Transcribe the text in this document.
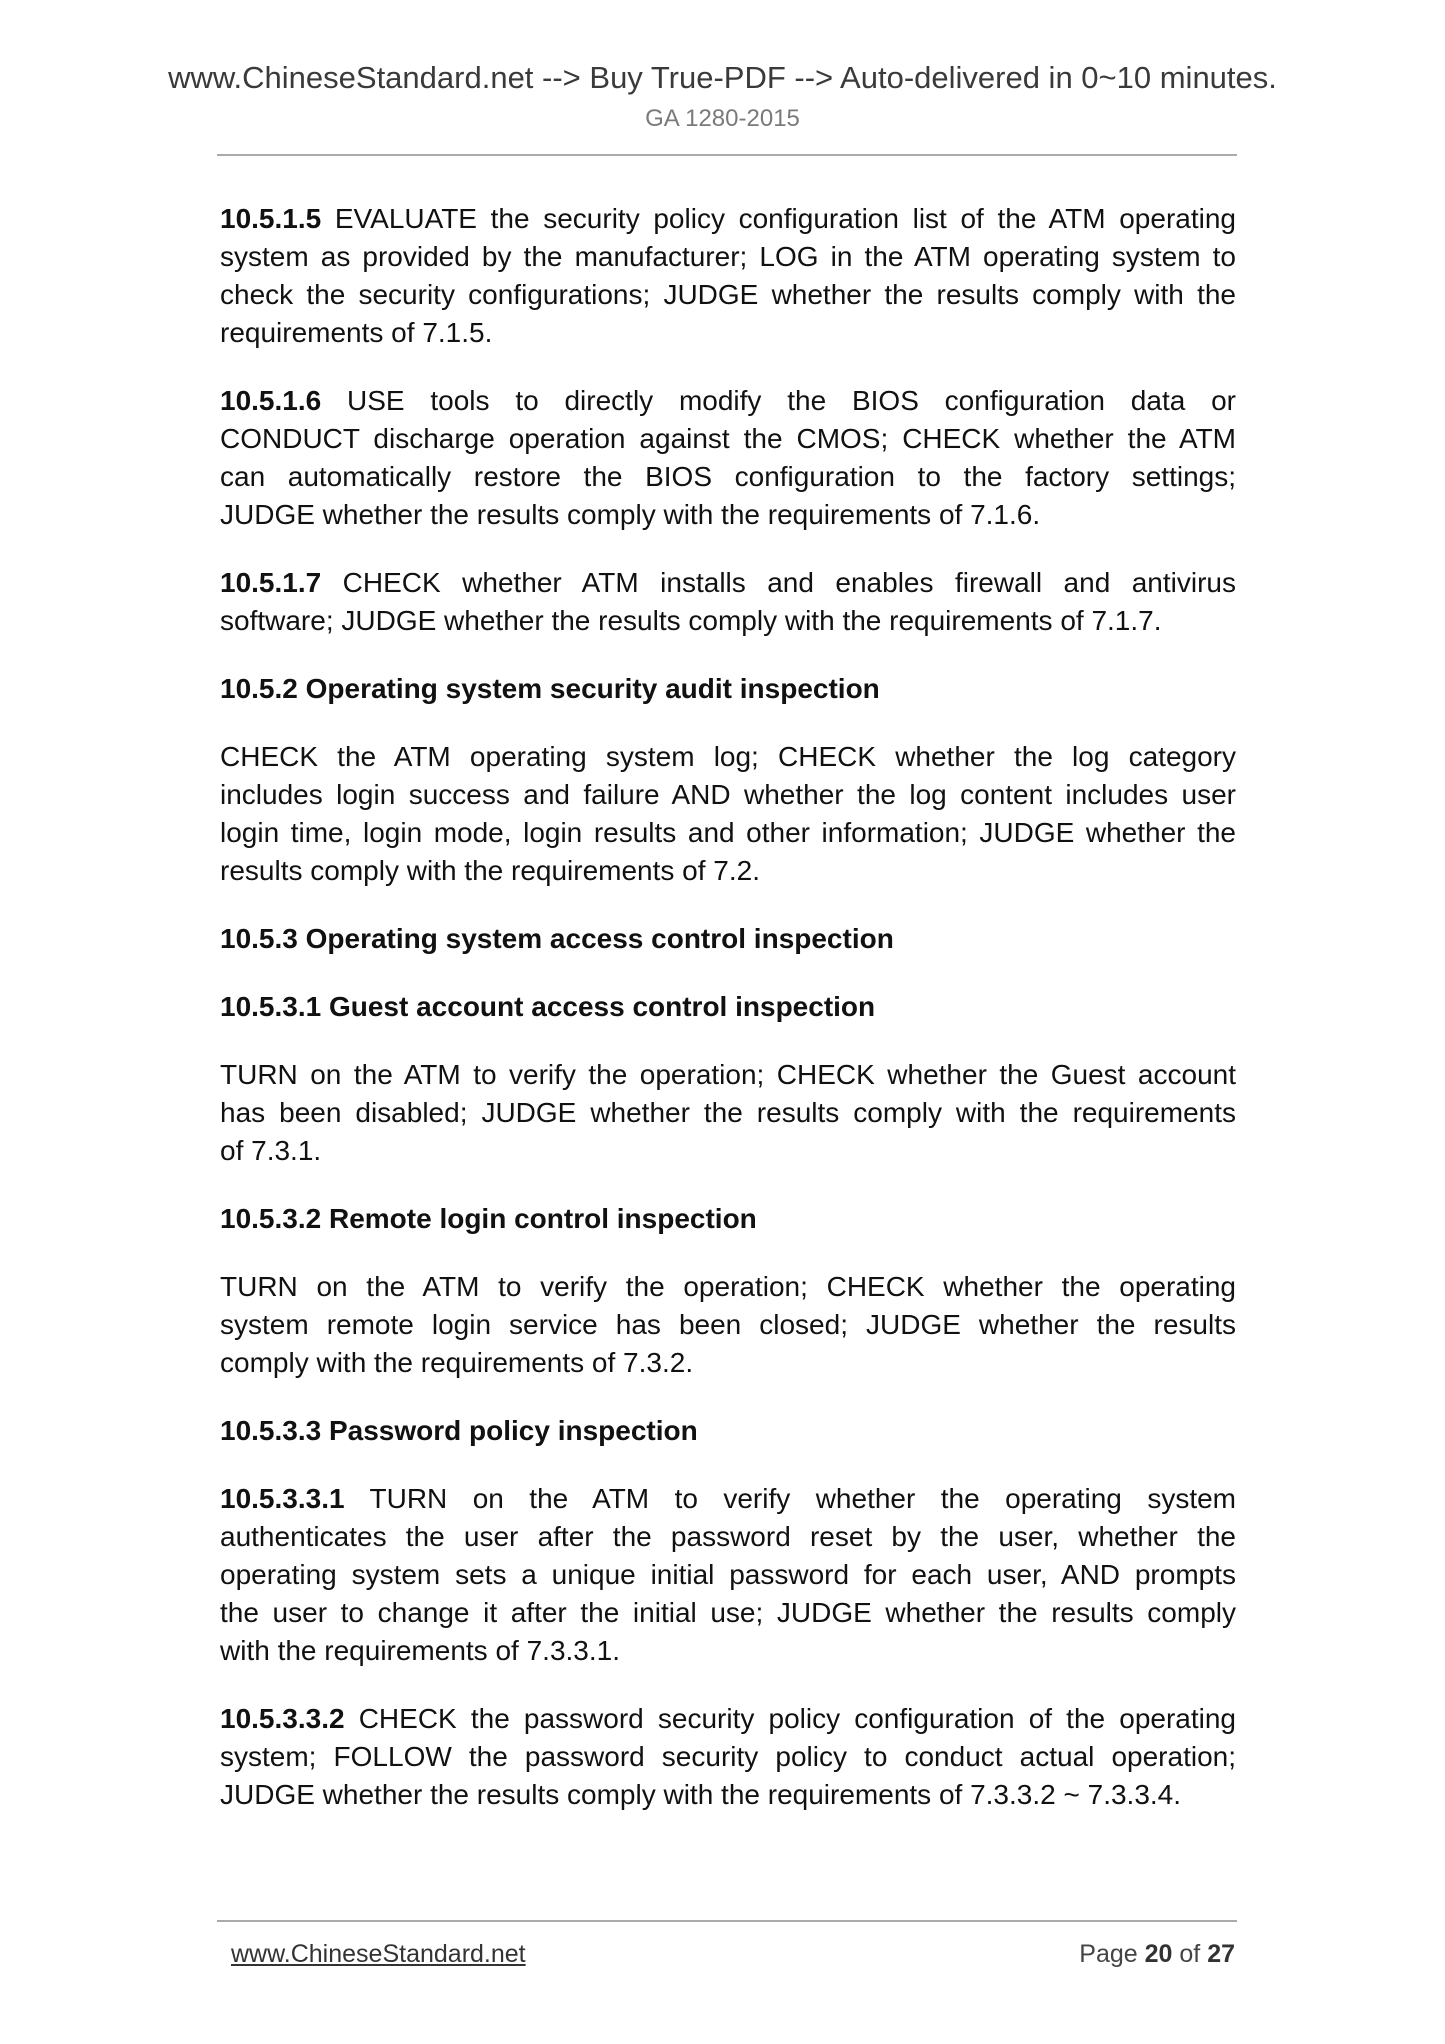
www.ChineseStandard.net --> Buy True-PDF --> Auto-delivered in 0~10 minutes.
GA 1280-2015
10.5.1.5 EVALUATE the security policy configuration list of the ATM operating
system as provided by the manufacturer; LOG in the ATM operating system to
check the security configurations; JUDGE whether the results comply with the
requirements of 7.1.5.
10.5.1.6 USE tools to directly modify the BIOS configuration data or
CONDUCT discharge operation against the CMOS; CHECK whether the ATM
can automatically restore the BIOS configuration to the factory settings;
JUDGE whether the results comply with the requirements of 7.1.6.
10.5.1.7 CHECK whether ATM installs and enables firewall and antivirus
software; JUDGE whether the results comply with the requirements of 7.1.7.
10.5.2 Operating system security audit inspection
CHECK the ATM operating system log; CHECK whether the log category
includes login success and failure AND whether the log content includes user
login time, login mode, login results and other information; JUDGE whether the
results comply with the requirements of 7.2.
10.5.3 Operating system access control inspection
10.5.3.1 Guest account access control inspection
TURN on the ATM to verify the operation; CHECK whether the Guest account
has been disabled; JUDGE whether the results comply with the requirements
of 7.3.1.
10.5.3.2 Remote login control inspection
TURN on the ATM to verify the operation; CHECK whether the operating
system remote login service has been closed; JUDGE whether the results
comply with the requirements of 7.3.2.
10.5.3.3 Password policy inspection
10.5.3.3.1 TURN on the ATM to verify whether the operating system
authenticates the user after the password reset by the user, whether the
operating system sets a unique initial password for each user, AND prompts
the user to change it after the initial use; JUDGE whether the results comply
with the requirements of 7.3.3.1.
10.5.3.3.2 CHECK the password security policy configuration of the operating
system; FOLLOW the password security policy to conduct actual operation;
JUDGE whether the results comply with the requirements of 7.3.3.2 ~ 7.3.3.4.
www.ChineseStandard.net	Page 20 of 27
